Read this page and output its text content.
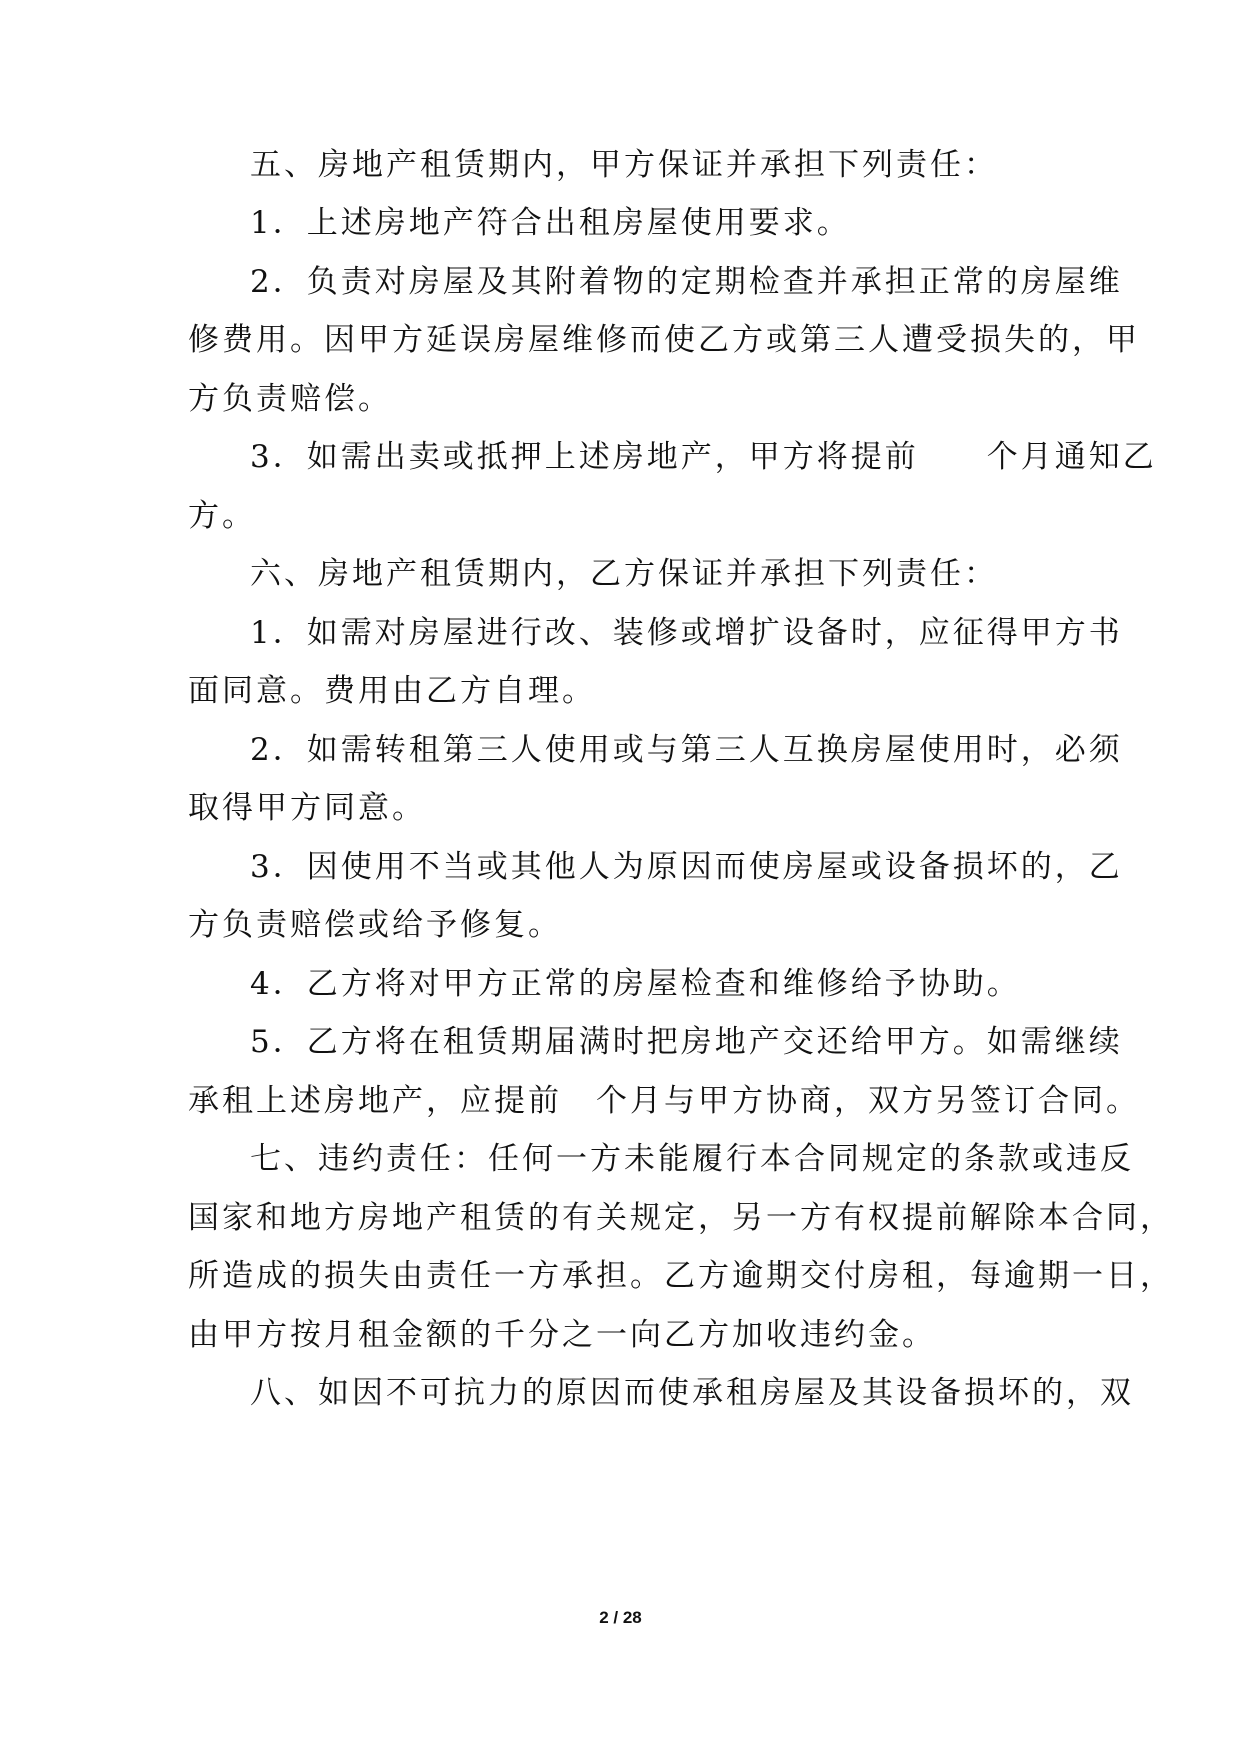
五、房地产租赁期内，甲方保证并承担下列责任：
1．上述房地产符合出租房屋使用要求。
2．负责对房屋及其附着物的定期检查并承担正常的房屋维
修费用。因甲方延误房屋维修而使乙方或第三人遭受损失的，甲
方负责赔偿。
3．如需出卖或抵押上述房地产，甲方将提前　　个月通知乙
方。
六、房地产租赁期内，乙方保证并承担下列责任：
1．如需对房屋进行改、装修或增扩设备时，应征得甲方书
面同意。费用由乙方自理。
2．如需转租第三人使用或与第三人互换房屋使用时，必须
取得甲方同意。
3．因使用不当或其他人为原因而使房屋或设备损坏的，乙
方负责赔偿或给予修复。
4．乙方将对甲方正常的房屋检查和维修给予协助。
5．乙方将在租赁期届满时把房地产交还给甲方。如需继续
承租上述房地产，应提前　个月与甲方协商，双方另签订合同。
七、违约责任：任何一方未能履行本合同规定的条款或违反
国家和地方房地产租赁的有关规定，另一方有权提前解除本合同，
所造成的损失由责任一方承担。乙方逾期交付房租，每逾期一日，
由甲方按月租金额的千分之一向乙方加收违约金。
八、如因不可抗力的原因而使承租房屋及其设备损坏的，双
2 / 28
